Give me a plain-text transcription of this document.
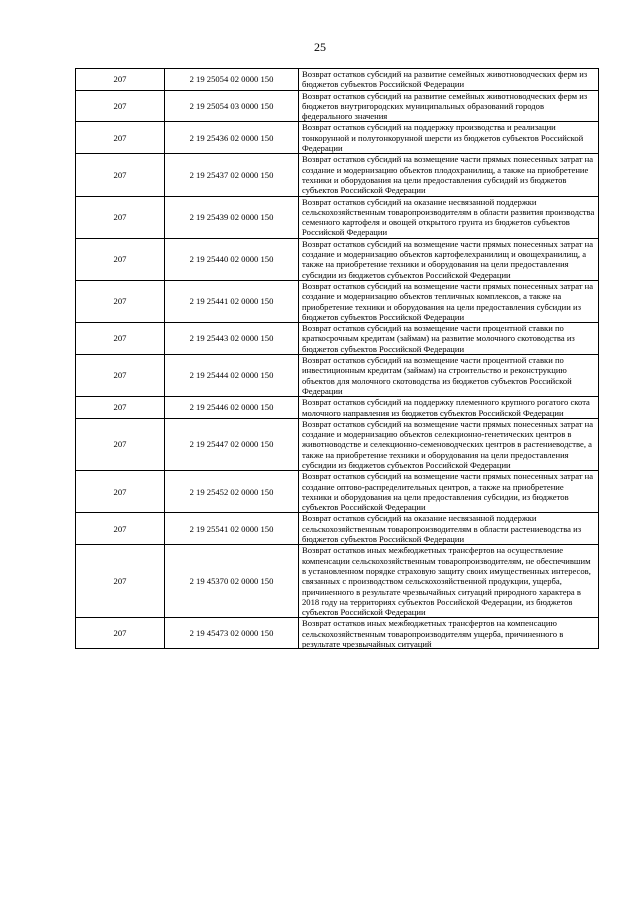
25
207	2 19 25054 02 0000 150	Возврат остатков субсидий на развитие семейных животноводческих ферм из бюджетов субъектов Российской Федерации
207	2 19 25054 03 0000 150	Возврат остатков субсидий на развитие семейных животноводческих ферм из бюджетов внутригородских муниципальных образований городов федерального значения
207	2 19 25436 02 0000 150	Возврат остатков субсидий на поддержку производства и реализации тонкорунной и полутонкорунной шерсти из бюджетов субъектов Российской Федерации
207	2 19 25437 02 0000 150	Возврат остатков субсидий на возмещение части прямых понесенных затрат на создание и модернизацию объектов плодохранилищ, а также на приобретение техники и оборудования на цели предоставления субсидий из бюджетов субъектов Российской Федерации
207	2 19 25439 02 0000 150	Возврат остатков субсидий на оказание несвязанной поддержки сельскохозяйственным товаропроизводителям в области развития производства семенного картофеля и овощей открытого грунта из бюджетов субъектов Российской Федерации
207	2 19 25440 02 0000 150	Возврат остатков субсидий на возмещение части прямых понесенных затрат на создание и модернизацию объектов картофелехранилищ и овощехранилищ, а также на приобретение техники и оборудования на цели предоставления субсидии из бюджетов субъектов Российской Федерации
207	2 19 25441 02 0000 150	Возврат остатков субсидий на возмещение части прямых понесенных затрат на создание и модернизацию объектов тепличных комплексов, а также на приобретение техники и оборудования на цели предоставления субсидии из бюджетов субъектов Российской Федерации
207	2 19 25443 02 0000 150	Возврат остатков субсидий на возмещение части процентной ставки по краткосрочным кредитам (займам) на развитие молочного скотоводства из бюджетов субъектов Российской Федерации
207	2 19 25444 02 0000 150	Возврат остатков субсидий на возмещение части процентной ставки по инвестиционным кредитам (займам) на строительство и реконструкцию объектов для молочного скотоводства из бюджетов субъектов Российской Федерации
207	2 19 25446 02 0000 150	Возврат остатков субсидий на поддержку племенного крупного рогатого скота молочного направления из бюджетов субъектов Российской Федерации
207	2 19 25447 02 0000 150	Возврат остатков субсидий на возмещение части прямых понесенных затрат на создание и модернизацию объектов селекционно-генетических центров в животноводстве и селекционно-семеноводческих центров в растениеводстве, а также на приобретение техники и оборудования на цели предоставления субсидии из бюджетов субъектов Российской Федерации
207	2 19 25452 02 0000 150	Возврат остатков субсидий на возмещение части прямых понесенных затрат на создание оптово-распределительных центров, а также на приобретение техники и оборудования на цели предоставления субсидии, из бюджетов субъектов Российской Федерации
207	2 19 25541 02 0000 150	Возврат остатков субсидий на оказание несвязанной поддержки сельскохозяйственным товаропроизводителям в области растениеводства из бюджетов субъектов Российской Федерации
207	2 19 45370 02 0000 150	Возврат остатков иных межбюджетных трансфертов на осуществление компенсации сельскохозяйственным товаропроизводителям, не обеспечившим в установленном порядке страховую защиту своих имущественных интересов, связанных с производством сельскохозяйственной продукции, ущерба, причиненного в результате чрезвычайных ситуаций природного характера в 2018 году на территориях субъектов Российской Федерации, из бюджетов субъектов Российской Федерации
207	2 19 45473 02 0000 150	Возврат остатков иных межбюджетных трансфертов на компенсацию сельскохозяйственным товаропроизводителям ущерба, причиненного в результате чрезвычайных ситуаций
